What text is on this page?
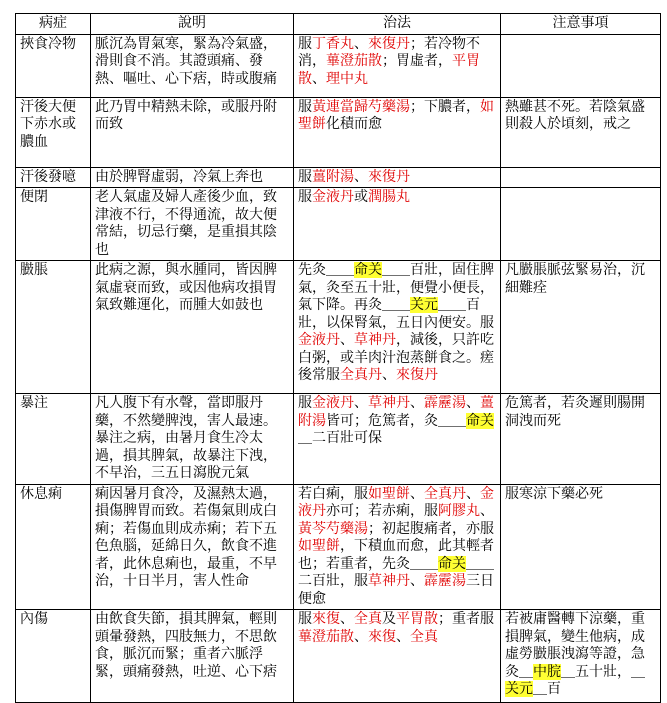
病症	說明	治法	注意事項
挾食冷物	脈沉為胃氣寒，緊為冷氣盛，滑則食不消。其證頭痛、發熱、嘔吐、心下痞，時或腹痛	服丁香丸、來復丹；若冷物不消，蓽澄茄散；胃虛者，平胃散、理中丸	
汗後大便下赤水或膿血	此乃胃中精熱未除，或服丹附而致	服黃連當歸芍藥湯；下膿者，如聖餅化積而愈	熱雖甚不死。若陰氣盛則殺人於頃刻，戒之
汗後發噫	由於脾腎虛弱，冷氣上奔也	服薑附湯、來復丹	
便閉	老人氣虛及婦人產後少血，致津液不行，不得通流，故大便常結，切忌行藥，是重損其陰也	服金液丹或潤腸丸	
臌脹	此病之源，與水腫同，皆因脾氣虛衰而致，或因他病攻損胃氣致難運化，而腫大如鼓也	先灸＿＿命关＿＿百壯，固住脾氣，灸至五十壯，便覺小便長，氣下降。再灸＿＿关元＿＿百壯，以保腎氣，五日內便安。服金液丹、草神丹，減後，只許吃白粥，或羊肉汁泡蒸餅食之。瘥後常服全真丹、來復丹	凡臌脹脈弦緊易治，沉細難痊
暴注	凡人腹下有水聲，當即服丹藥，不然變脾洩，害人最速。暴注之病，由暑月食生冷太過，損其脾氣，故暴注下洩，不早治，三五日瀉脫元氣	服金液丹、草神丹、霹靂湯、薑附湯皆可；危篤者，灸＿＿命关＿二百壯可保	危篤者，若灸遲則腸開洞洩而死
休息痢	痢因暑月食冷，及濕熱太過，損傷脾胃而致。若傷氣則成白痢；若傷血則成赤痢；若下五色魚腦，延綿日久，飲食不進者，此休息痢也，最重，不早治，十日半月，害人性命	若白痢，服如聖餅、全真丹、金液丹亦可；若赤痢，服阿膠丸、黃芩芍藥湯；初起腹痛者，亦服如聖餅，下積血而愈，此其輕者也；若重者，先灸＿＿命关＿＿二百壯，服草神丹、霹靂湯三日便愈	服寒涼下藥必死
內傷	由飲食失節，損其脾氣，輕則頭暈發熱，四肢無力，不思飲食，脈沉而緊；重者六脈浮緊，頭痛發熱，吐逆、心下痞	服來復、全真及平胃散；重者服蓽澄茄散、來復、全真	若被庸醫轉下涼藥，重損脾氣，變生他病，成虛勞臌脹洩瀉等證，急灸＿中脘＿五十壯，＿关元＿百
